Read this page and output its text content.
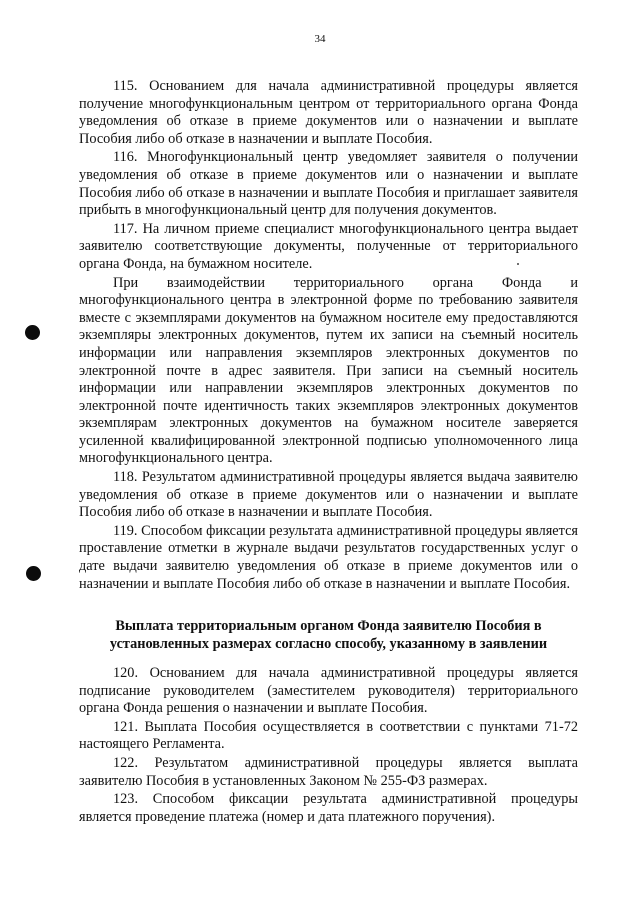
34

115. Основанием для начала административной процедуры является получение многофункциональным центром от территориального органа Фонда уведомления об отказе в приеме документов или о назначении и выплате Пособия либо об отказе в назначении и выплате Пособия.

116. Многофункциональный центр уведомляет заявителя о получении уведомления об отказе в приеме документов или о назначении и выплате Пособия либо об отказе в назначении и выплате Пособия и приглашает заявителя прибыть в многофункциональный центр для получения документов.

117. На личном приеме специалист многофункционального центра выдает заявителю соответствующие документы, полученные от территориального органа Фонда, на бумажном носителе.

При взаимодействии территориального органа Фонда и многофункционального центра в электронной форме по требованию заявителя вместе с экземплярами документов на бумажном носителе ему предоставляются экземпляры электронных документов, путем их записи на съемный носитель информации или направления экземпляров электронных документов по электронной почте в адрес заявителя. При записи на съемный носитель информации или направлении экземпляров электронных документов по электронной почте идентичность таких экземпляров электронных документов экземплярам электронных документов на бумажном носителе заверяется усиленной квалифицированной электронной подписью уполномоченного лица многофункционального центра.

118. Результатом административной процедуры является выдача заявителю уведомления об отказе в приеме документов или о назначении и выплате Пособия либо об отказе в назначении и выплате Пособия.

119. Способом фиксации результата административной процедуры является проставление отметки в журнале выдачи результатов государственных услуг о дате выдачи заявителю уведомления об отказе в приеме документов или о назначении и выплате Пособия либо об отказе в назначении и выплате Пособия.

Выплата территориальным органом Фонда заявителю Пособия в
установленных размерах согласно способу, указанному в заявлении

120. Основанием для начала административной процедуры является подписание руководителем (заместителем руководителя) территориального органа Фонда решения о назначении и выплате Пособия.

121. Выплата Пособия осуществляется в соответствии с пунктами 71-72 настоящего Регламента.

122. Результатом административной процедуры является выплата заявителю Пособия в установленных Законом № 255-ФЗ размерах.

123. Способом фиксации результата административной процедуры является проведение платежа (номер и дата платежного поручения).
